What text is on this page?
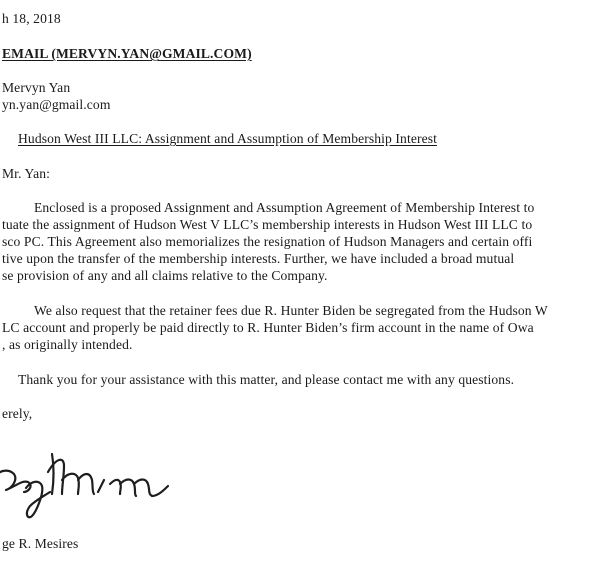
h 18, 2018
EMAIL (MERVYN.YAN@GMAIL.COM)
Mervyn Yan
yn.yan@gmail.com
Hudson West III LLC: Assignment and Assumption of Membership Interest
Mr. Yan:
Enclosed is a proposed Assignment and Assumption Agreement of Membership Interest to
tuate the assignment of Hudson West V LLC’s membership interests in Hudson West III LLC to
sco PC. This Agreement also memorializes the resignation of Hudson Managers and certain offi
tive upon the transfer of the membership interests. Further, we have included a broad mutual
se provision of any and all claims relative to the Company.
We also request that the retainer fees due R. Hunter Biden be segregated from the Hudson W
LC account and properly be paid directly to R. Hunter Biden’s firm account in the name of Owa
, as originally intended.
Thank you for your assistance with this matter, and please contact me with any questions.
erely,
ge R. Mesires
